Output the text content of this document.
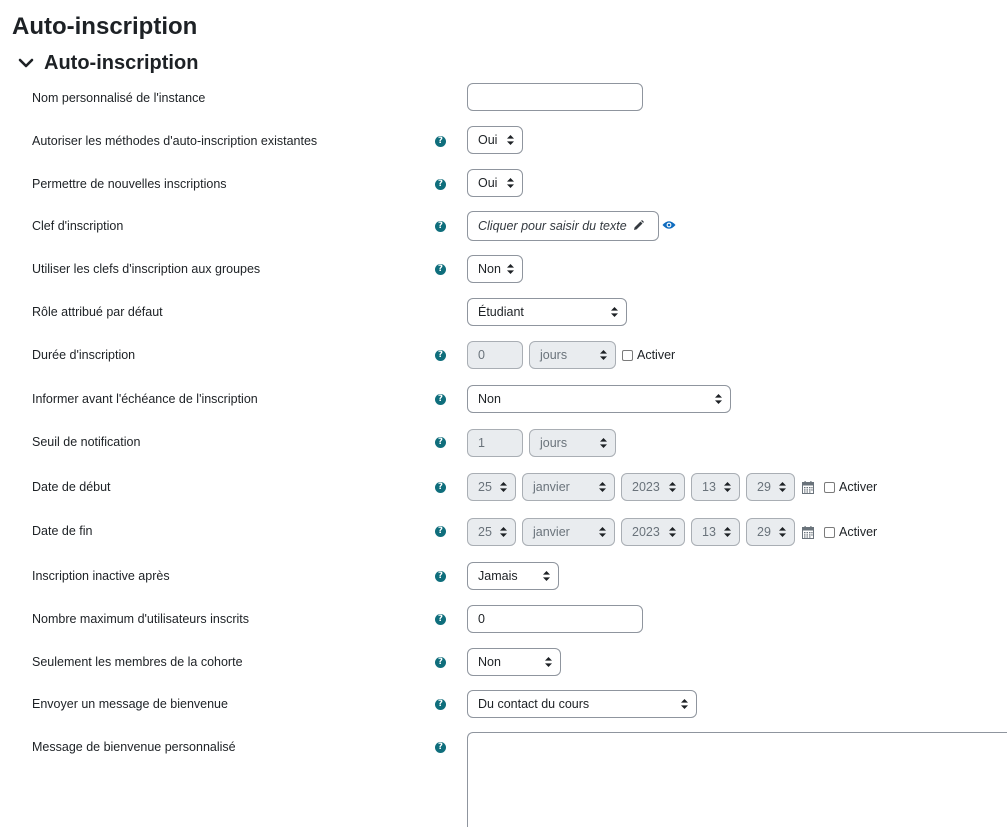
Auto-inscription
Auto-inscription
Nom personnalisé de l'instance
Autoriser les méthodes d'auto-inscription existantes	?	Oui
Permettre de nouvelles inscriptions	?	Oui
Clef d'inscription	?	Cliquer pour saisir du texte
Utiliser les clefs d'inscription aux groupes	?	Non
Rôle attribué par défaut	Étudiant
Durée d'inscription	?	0	jours	Activer
Informer avant l'échéance de l'inscription	?	Non
Seuil de notification	?	1	jours
Date de début	?	25	janvier	2023	13	29	Activer
Date de fin	?	25	janvier	2023	13	29	Activer
Inscription inactive après	?	Jamais
Nombre maximum d'utilisateurs inscrits	?	0
Seulement les membres de la cohorte	?	Non
Envoyer un message de bienvenue	?	Du contact du cours
Message de bienvenue personnalisé	?
